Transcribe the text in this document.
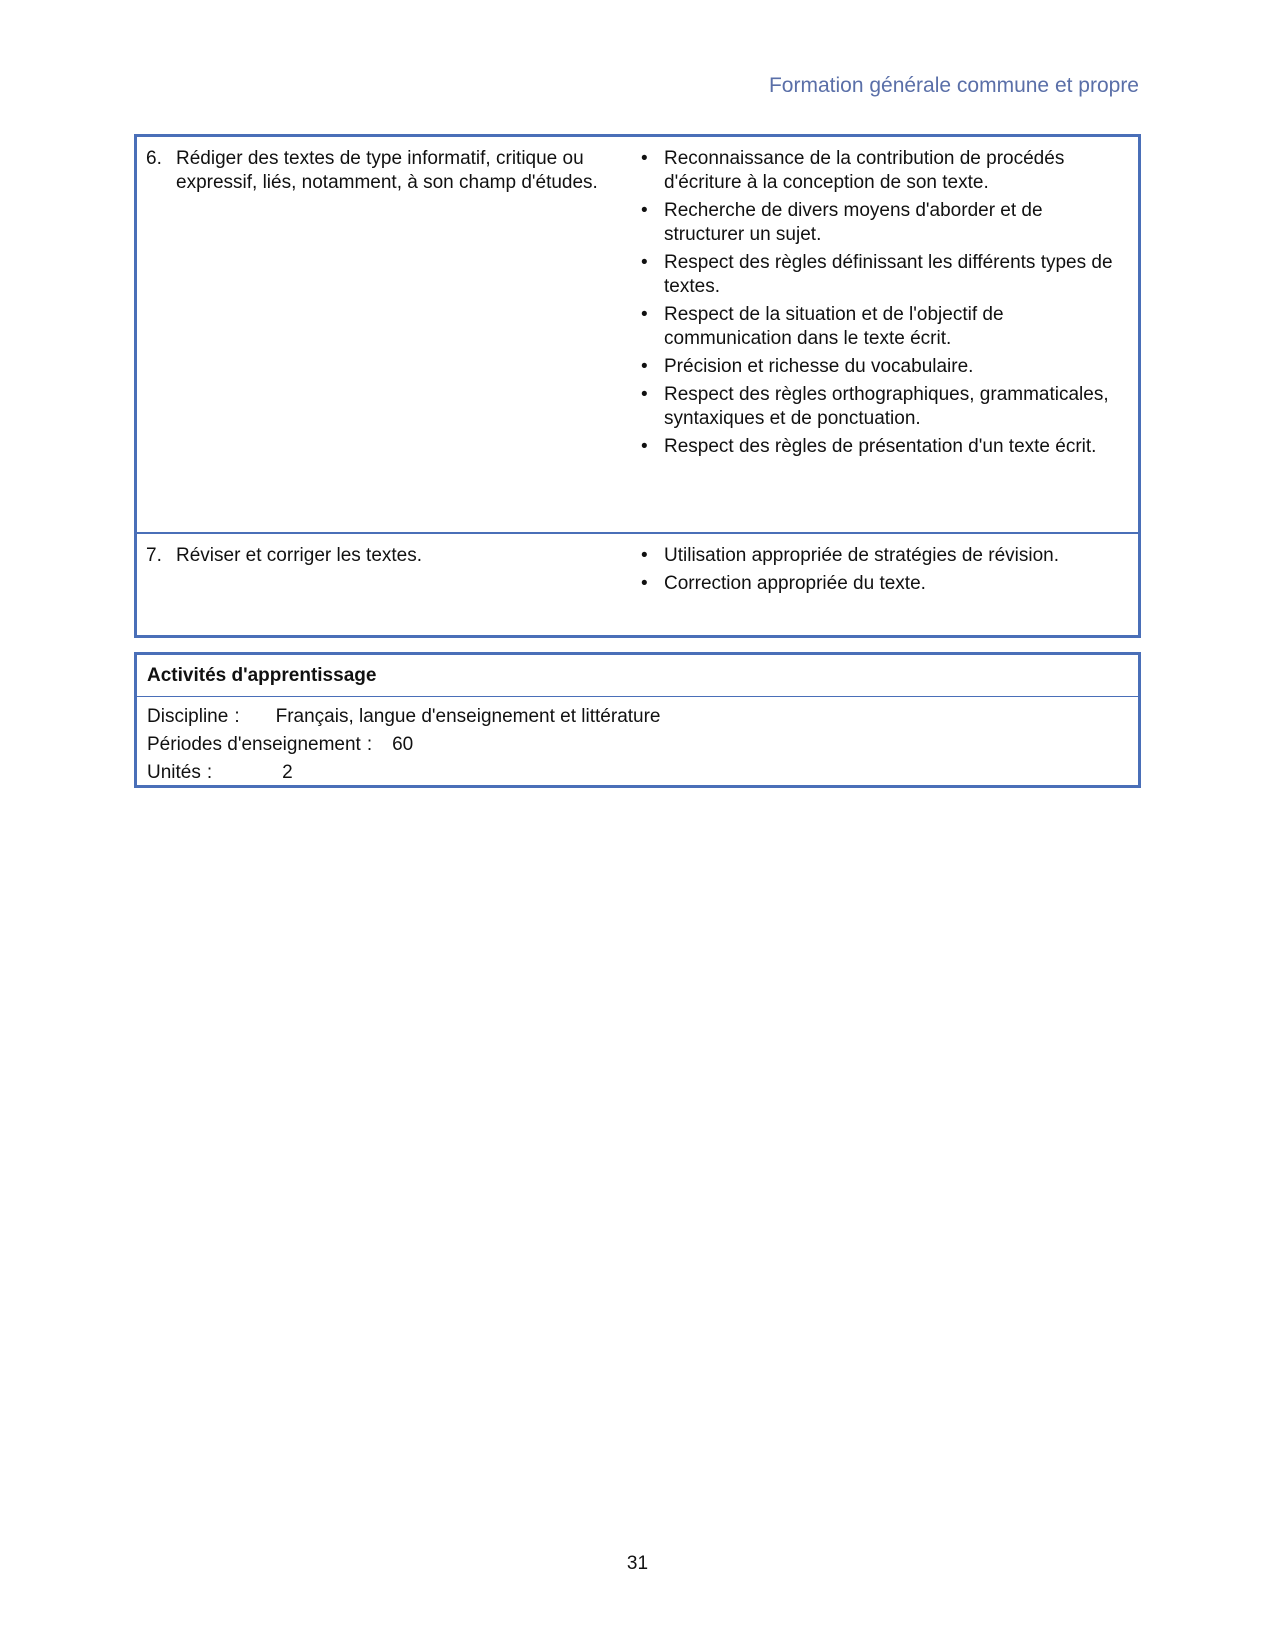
Formation générale commune et propre
6. Rédiger des textes de type informatif, critique ou expressif, liés, notamment, à son champ d'études.
• Reconnaissance de la contribution de procédés d'écriture à la conception de son texte.
• Recherche de divers moyens d'aborder et de structurer un sujet.
• Respect des règles définissant les différents types de textes.
• Respect de la situation et de l'objectif de communication dans le texte écrit.
• Précision et richesse du vocabulaire.
• Respect des règles orthographiques, grammaticales, syntaxiques et de ponctuation.
• Respect des règles de présentation d'un texte écrit.
7. Réviser et corriger les textes.	• Utilisation appropriée de stratégies de révision.
• Correction appropriée du texte.
Activités d'apprentissage
Discipline : Français, langue d'enseignement et littérature
Périodes d'enseignement : 60
Unités :	2
31
